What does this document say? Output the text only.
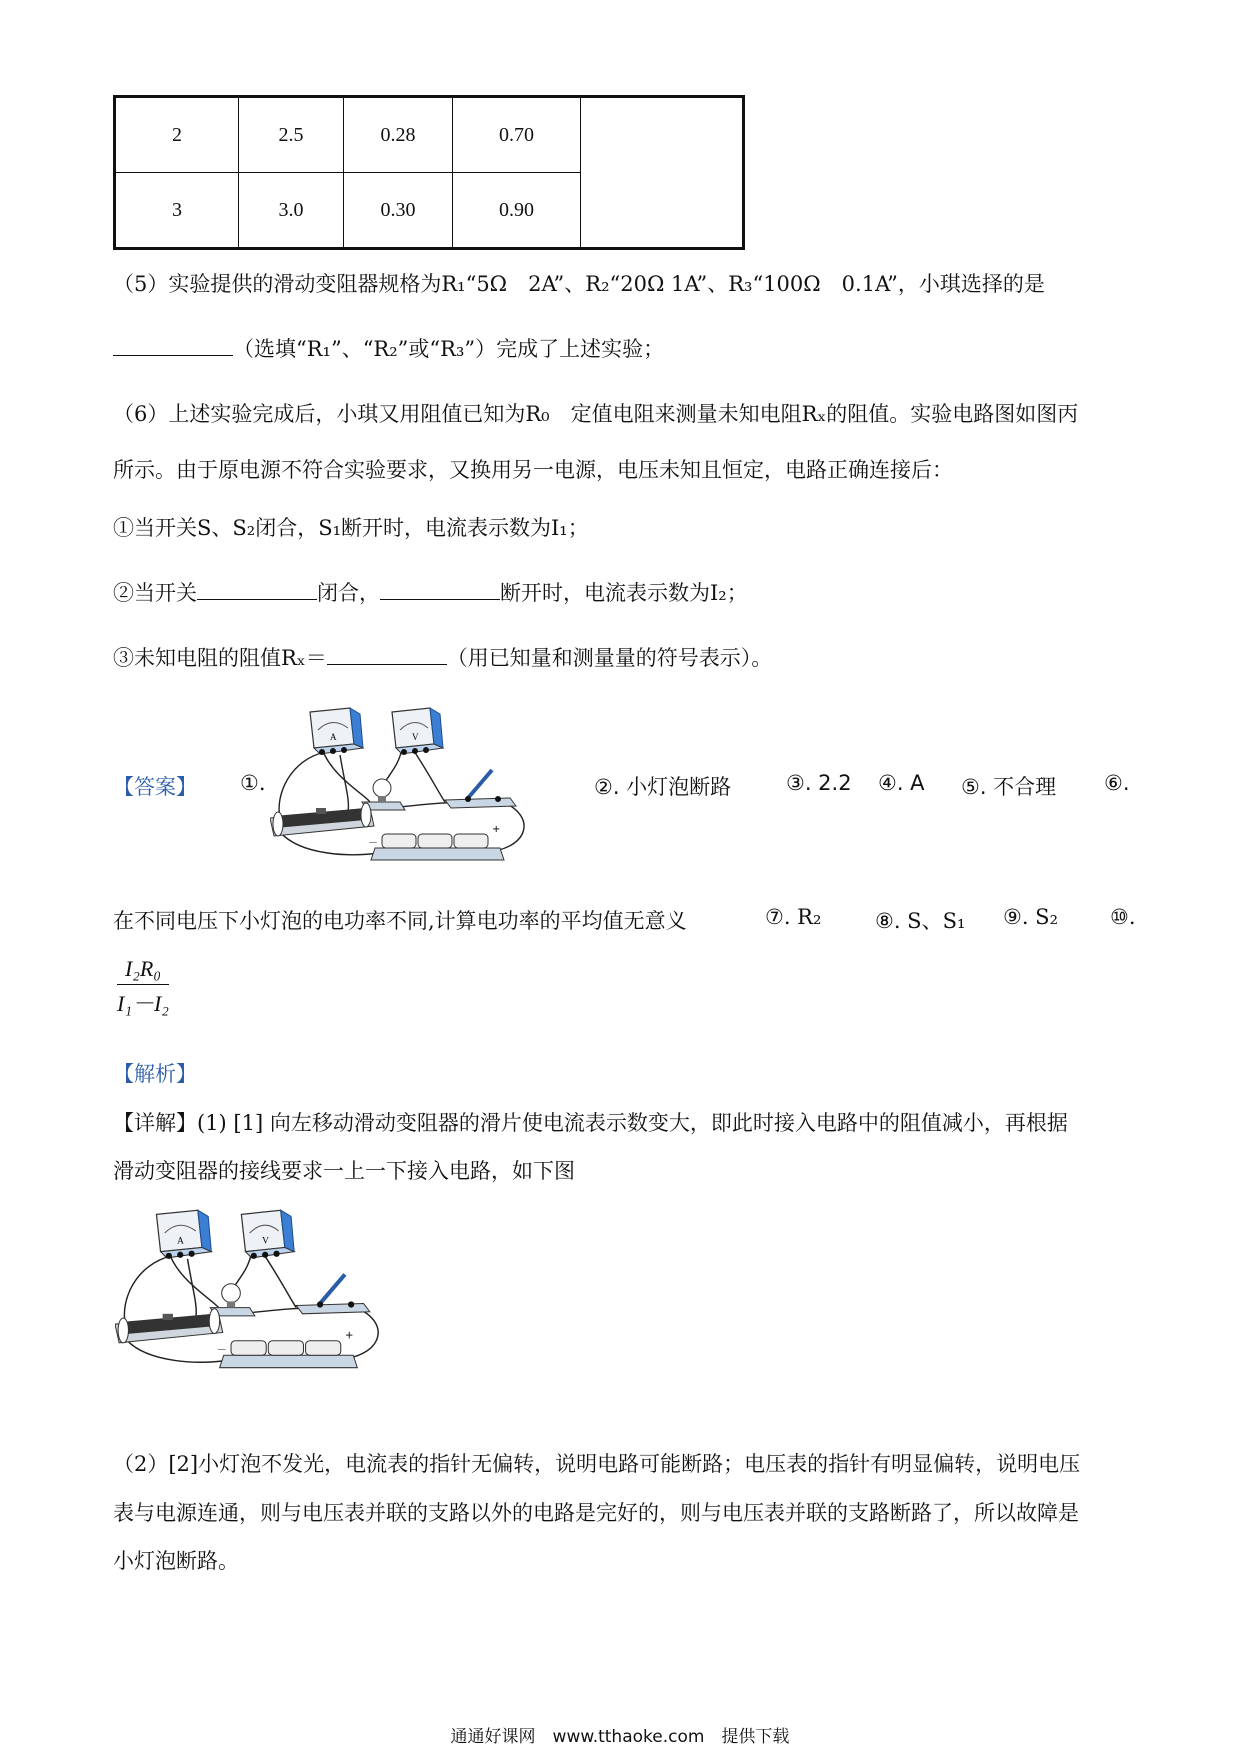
2	2.5	0.28	0.70	
3	3.0	0.30	0.90	
（5）实验提供的滑动变阻器规格为R₁“5Ω　2A”、R₂“20Ω 1A”、R₃“100Ω　0.1A”，小琪选择的是
（选填“R₁”、“R₂”或“R₃”）完成了上述实验；
（6）上述实验完成后，小琪又用阻值已知为R₀　定值电阻来测量未知电阻Rₓ的阻值。实验电路图如图丙
所示。由于原电源不符合实验要求，又换用另一电源，电压未知且恒定，电路正确连接后：
①当开关S、S₂闭合，S₁断开时，电流表示数为I₁；
②当开关	闭合，	断开时，电流表示数为I₂；
③未知电阻的阻值Rₓ＝	（用已知量和测量量的符号表示）。
【答案】 ①.
A	V
－
+
②. 小灯泡断路	③. 2.2 ④. A ⑤. 不合理 ⑥.
在不同电压下小灯泡的电功率不同,计算电功率的平均值无意义	⑦. R₂	⑧. S、S₁ ⑨. S₂ ⑩.
$\frac{\text{I₂R₀}}{\text{I₁－I₂}}$
【解析】
【详解】(1) [1] 向左移动滑动变阻器的滑片使电流表示数变大，即此时接入电路中的阻值减小，再根据
滑动变阻器的接线要求一上一下接入电路，如下图
A	V
－
+
（2）[2]小灯泡不发光，电流表的指针无偏转，说明电路可能断路；电压表的指针有明显偏转，说明电压
表与电源连通，则与电压表并联的支路以外的电路是完好的，则与电压表并联的支路断路了，所以故障是
小灯泡断路。
通通好课网　www.tthaoke.com　提供下载
